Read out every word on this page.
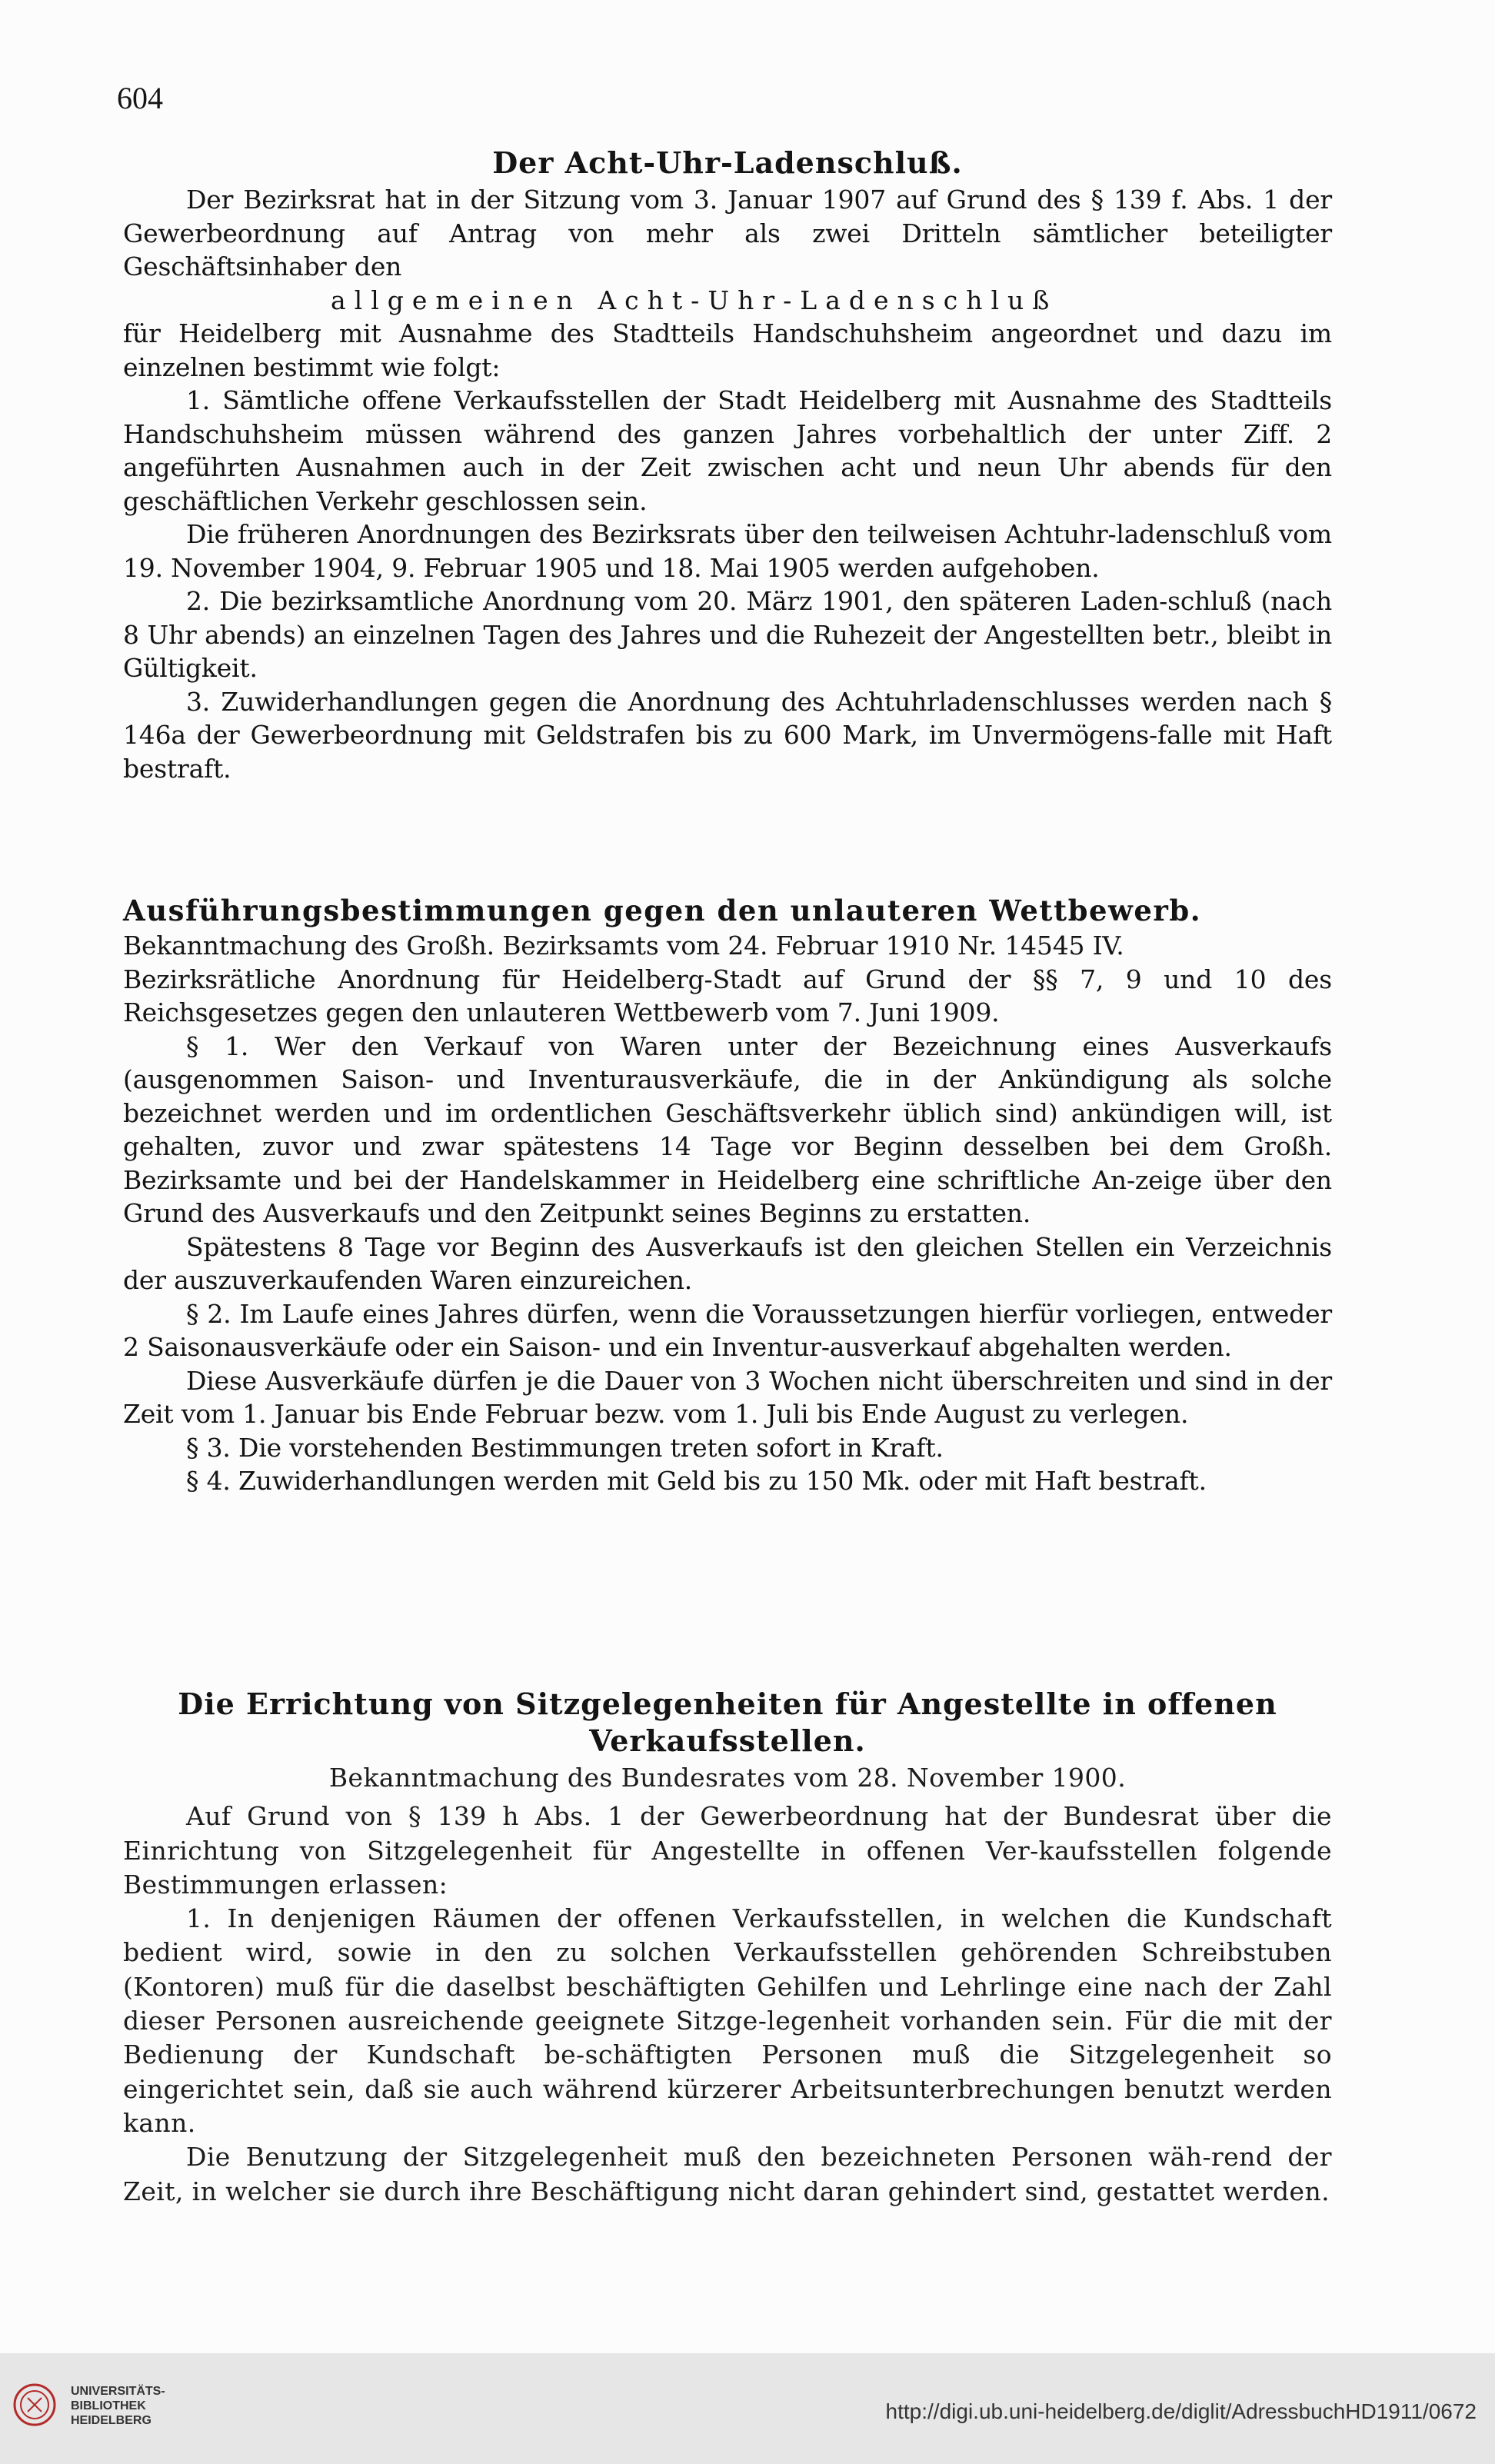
604
Der Acht-Uhr-Ladenschluß.

Der Bezirksrat hat in der Sitzung vom 3. Januar 1907 auf Grund des § 139 f. Abs. 1 der Gewerbeordnung auf Antrag von mehr als zwei Dritteln sämtlicher beteiligter Geschäftsinhaber den

allgemeinen Acht-Uhr-Ladenschluß

für Heidelberg mit Ausnahme des Stadtteils Handschuhsheim angeordnet und dazu im einzelnen bestimmt wie folgt:

1. Sämtliche offene Verkaufsstellen der Stadt Heidelberg mit Ausnahme des Stadtteils Handschuhsheim müssen während des ganzen Jahres vorbehaltlich der unter Ziff. 2 angeführten Ausnahmen auch in der Zeit zwischen acht und neun Uhr abends für den geschäftlichen Verkehr geschlossen sein.

Die früheren Anordnungen des Bezirksrats über den teilweisen Achtuhr-ladenschluß vom 19. November 1904, 9. Februar 1905 und 18. Mai 1905 werden aufgehoben.

2. Die bezirksamtliche Anordnung vom 20. März 1901, den späteren Laden-schluß (nach 8 Uhr abends) an einzelnen Tagen des Jahres und die Ruhezeit der Angestellten betr., bleibt in Gültigkeit.

3. Zuwiderhandlungen gegen die Anordnung des Achtuhrladenschlusses werden nach § 146a der Gewerbeordnung mit Geldstrafen bis zu 600 Mark, im Unvermögens-falle mit Haft bestraft.

Ausführungsbestimmungen gegen den unlauteren Wettbewerb.

Bekanntmachung des Großh. Bezirksamts vom 24. Februar 1910 Nr. 14545 IV.

Bezirksrätliche Anordnung für Heidelberg-Stadt auf Grund der §§ 7, 9 und 10 des Reichsgesetzes gegen den unlauteren Wettbewerb vom 7. Juni 1909.

§ 1. Wer den Verkauf von Waren unter der Bezeichnung eines Ausverkaufs (ausgenommen Saison- und Inventurausverkäufe, die in der Ankündigung als solche bezeichnet werden und im ordentlichen Geschäftsverkehr üblich sind) ankündigen will, ist gehalten, zuvor und zwar spätestens 14 Tage vor Beginn desselben bei dem Großh. Bezirksamte und bei der Handelskammer in Heidelberg eine schriftliche An-zeige über den Grund des Ausverkaufs und den Zeitpunkt seines Beginns zu erstatten.

Spätestens 8 Tage vor Beginn des Ausverkaufs ist den gleichen Stellen ein Verzeichnis der auszuverkaufenden Waren einzureichen.

§ 2. Im Laufe eines Jahres dürfen, wenn die Voraussetzungen hierfür vorliegen, entweder 2 Saisonausverkäufe oder ein Saison- und ein Inventur-ausverkauf abgehalten werden.

Diese Ausverkäufe dürfen je die Dauer von 3 Wochen nicht überschreiten und sind in der Zeit vom 1. Januar bis Ende Februar bezw. vom 1. Juli bis Ende August zu verlegen.

§ 3. Die vorstehenden Bestimmungen treten sofort in Kraft.

§ 4. Zuwiderhandlungen werden mit Geld bis zu 150 Mk. oder mit Haft bestraft.

Die Errichtung von Sitzgelegenheiten für Angestellte in offenen Verkaufsstellen.

Bekanntmachung des Bundesrates vom 28. November 1900.

Auf Grund von § 139 h Abs. 1 der Gewerbeordnung hat der Bundesrat über die Einrichtung von Sitzgelegenheit für Angestellte in offenen Ver-kaufsstellen folgende Bestimmungen erlassen:

1. In denjenigen Räumen der offenen Verkaufsstellen, in welchen die Kundschaft bedient wird, sowie in den zu solchen Verkaufsstellen gehörenden Schreibstuben (Kontoren) muß für die daselbst beschäftigten Gehilfen und Lehrlinge eine nach der Zahl dieser Personen ausreichende geeignete Sitzge-legenheit vorhanden sein. Für die mit der Bedienung der Kundschaft be-schäftigten Personen muß die Sitzgelegenheit so eingerichtet sein, daß sie auch während kürzerer Arbeitsunterbrechungen benutzt werden kann.

Die Benutzung der Sitzgelegenheit muß den bezeichneten Personen wäh-rend der Zeit, in welcher sie durch ihre Beschäftigung nicht daran gehindert sind, gestattet werden.

UNIVERSITÄTS-
BIBLIOTHEK
HEIDELBERG	http://digi.ub.uni-heidelberg.de/diglit/AdressbuchHD1911/0672
